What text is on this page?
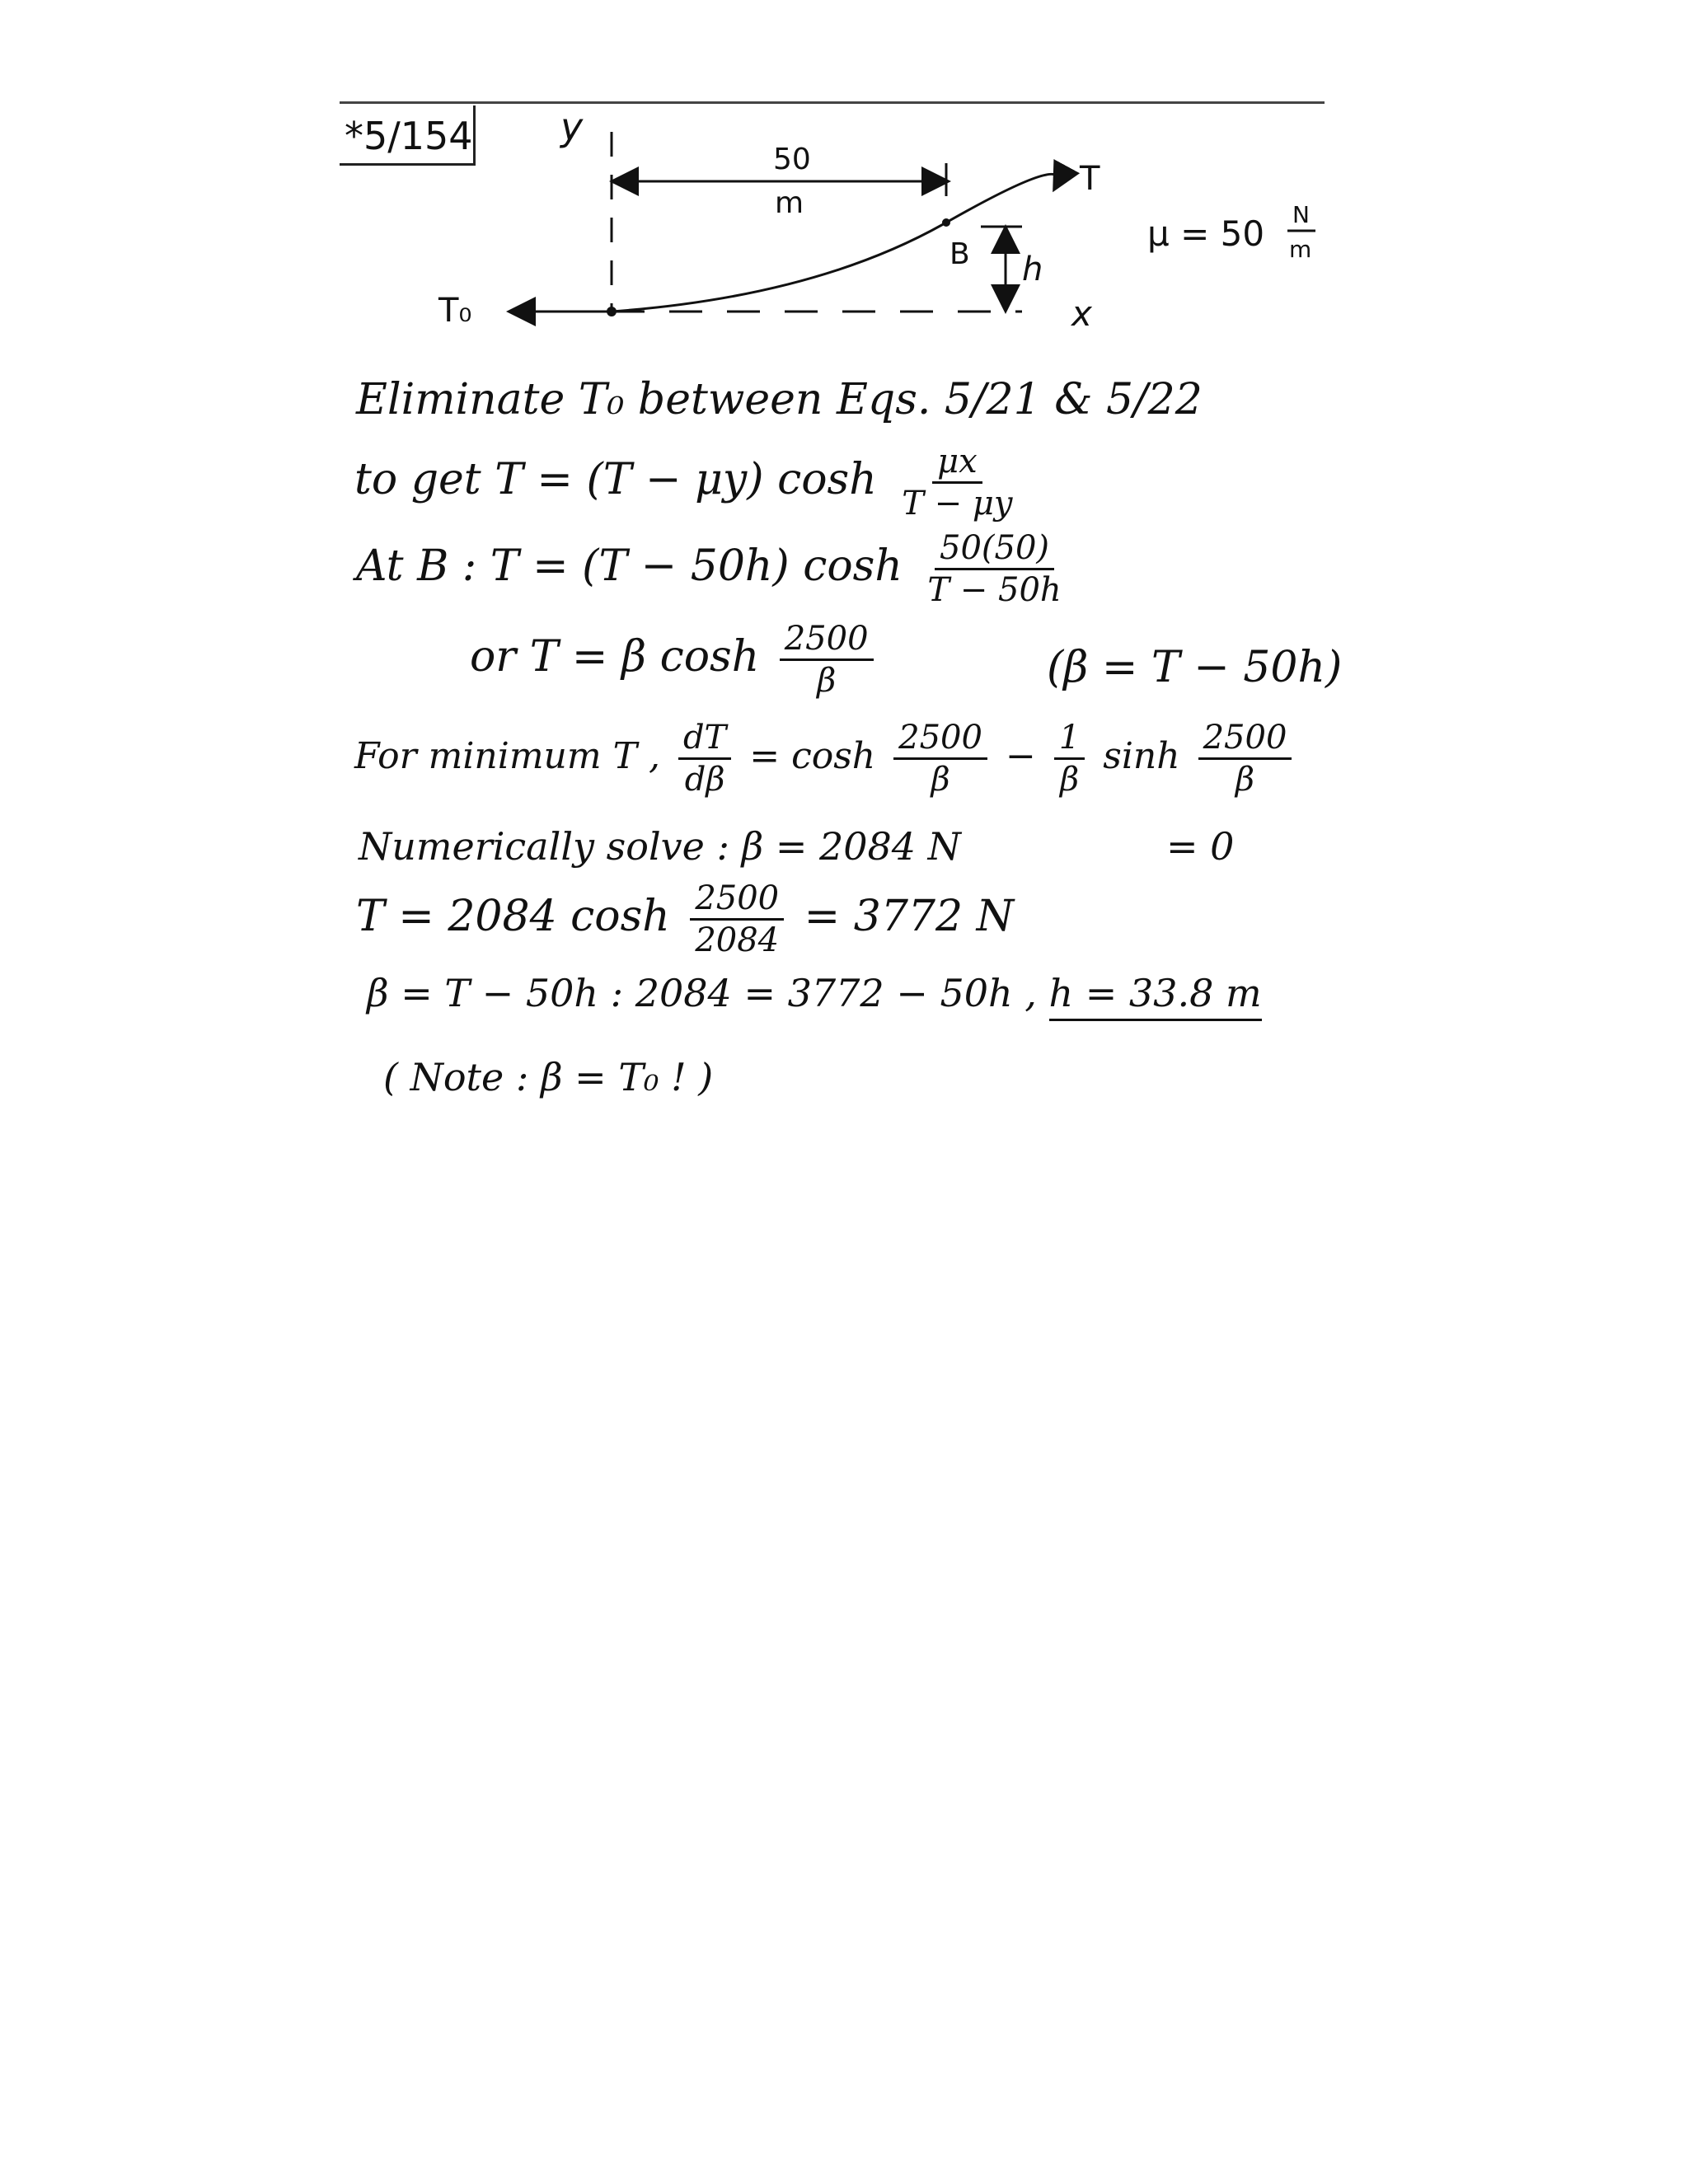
*5/154 y
x
50
m
B
T
T₀
h
μ = 50 N
m
Eliminate T₀ between Eqs. 5/21 & 5/22
to get T = (T − μy) $\cosh \frac{\mu x}{T - \mu y}$
At B : T = (T − 50h) $\cosh \frac{50(50)}{T - 50h}$
or T = β $\cosh \frac{2500}{\beta}$	(β = T − 50h)
For minimum T , $\frac{dT}{d\beta} = \cosh \frac{2500}{\beta} - \frac{1}{\beta}$ $\sinh \frac{2500}{\beta}$
Numerically solve : β = 2084 N	= 0
T = 2084 $\cosh \frac{2500}{2084} = 3772$ N
β = T − 50h : 2084 = 3772 − 50h , h = 33.8 m
( Note : β = T₀ ! )
